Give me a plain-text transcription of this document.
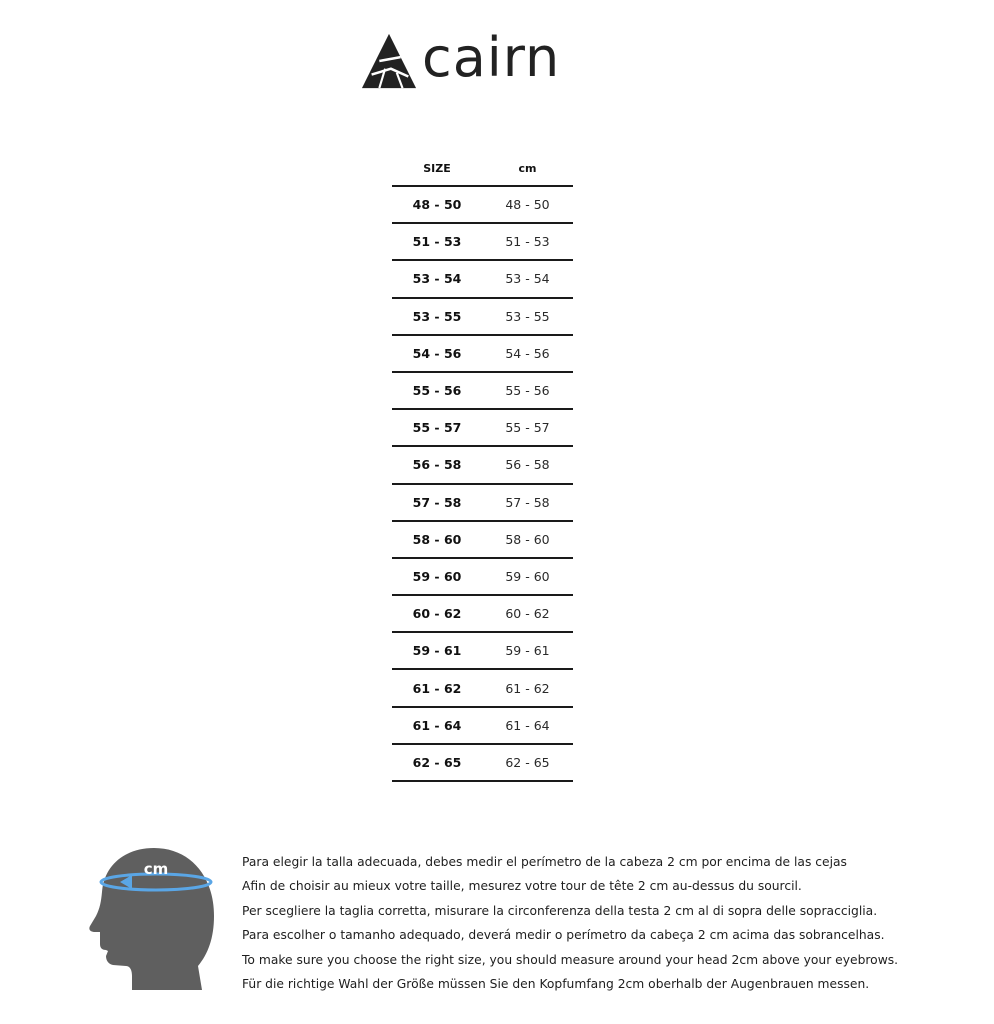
cairn
SIZE	cm
48 - 50	48 - 50
51 - 53	51 - 53
53 - 54	53 - 54
53 - 55	53 - 55
54 - 56	54 - 56
55 - 56	55 - 56
55 - 57	55 - 57
56 - 58	56 - 58
57 - 58	57 - 58
58 - 60	58 - 60
59 - 60	59 - 60
60 - 62	60 - 62
59 - 61	59 - 61
61 - 62	61 - 62
61 - 64	61 - 64
62 - 65	62 - 65
cm	Para elegir la talla adecuada, debes medir el perímetro de la cabeza 2 cm por encima de las cejas
Afin de choisir au mieux votre taille, mesurez votre tour de tête 2 cm au-dessus du sourcil.
Per scegliere la taglia corretta, misurare la circonferenza della testa 2 cm al di sopra delle sopracciglia.
Para escolher o tamanho adequado, deverá medir o perímetro da cabeça 2 cm acima das sobrancelhas.
To make sure you choose the right size, you should measure around your head 2cm above your eyebrows.
Für die richtige Wahl der Größe müssen Sie den Kopfumfang 2cm oberhalb der Augenbrauen messen.
